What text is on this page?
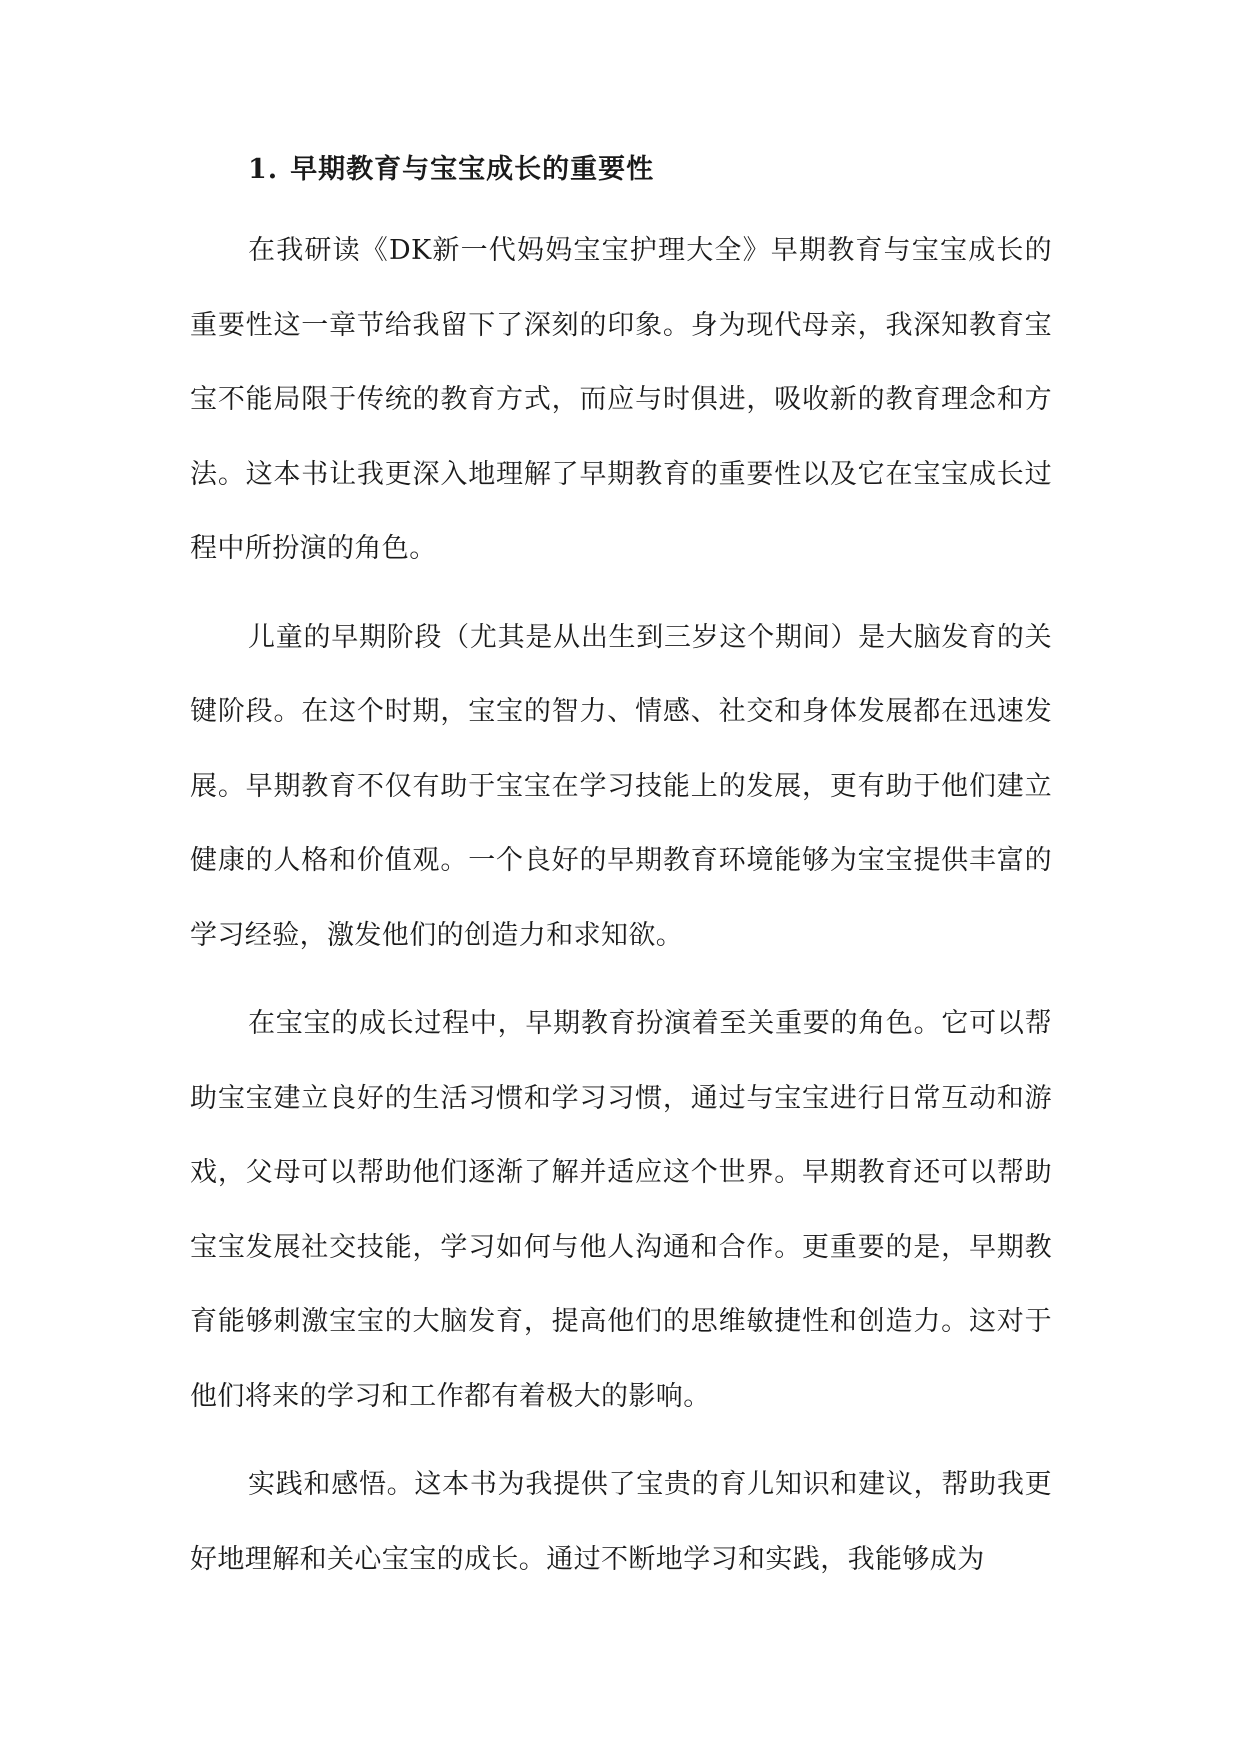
1. 早期教育与宝宝成长的重要性

在我研读《DK新一代妈妈宝宝护理大全》早期教育与宝宝成长的重要性这一章节给我留下了深刻的印象。身为现代母亲，我深知教育宝宝不能局限于传统的教育方式，而应与时俱进，吸收新的教育理念和方法。这本书让我更深入地理解了早期教育的重要性以及它在宝宝成长过程中所扮演的角色。

儿童的早期阶段（尤其是从出生到三岁这个期间）是大脑发育的关键阶段。在这个时期，宝宝的智力、情感、社交和身体发展都在迅速发展。早期教育不仅有助于宝宝在学习技能上的发展，更有助于他们建立健康的人格和价值观。一个良好的早期教育环境能够为宝宝提供丰富的学习经验，激发他们的创造力和求知欲。

在宝宝的成长过程中，早期教育扮演着至关重要的角色。它可以帮助宝宝建立良好的生活习惯和学习习惯，通过与宝宝进行日常互动和游戏，父母可以帮助他们逐渐了解并适应这个世界。早期教育还可以帮助宝宝发展社交技能，学习如何与他人沟通和合作。更重要的是，早期教育能够刺激宝宝的大脑发育，提高他们的思维敏捷性和创造力。这对于他们将来的学习和工作都有着极大的影响。

实践和感悟。这本书为我提供了宝贵的育儿知识和建议，帮助我更好地理解和关心宝宝的成长。通过不断地学习和实践，我能够成为
